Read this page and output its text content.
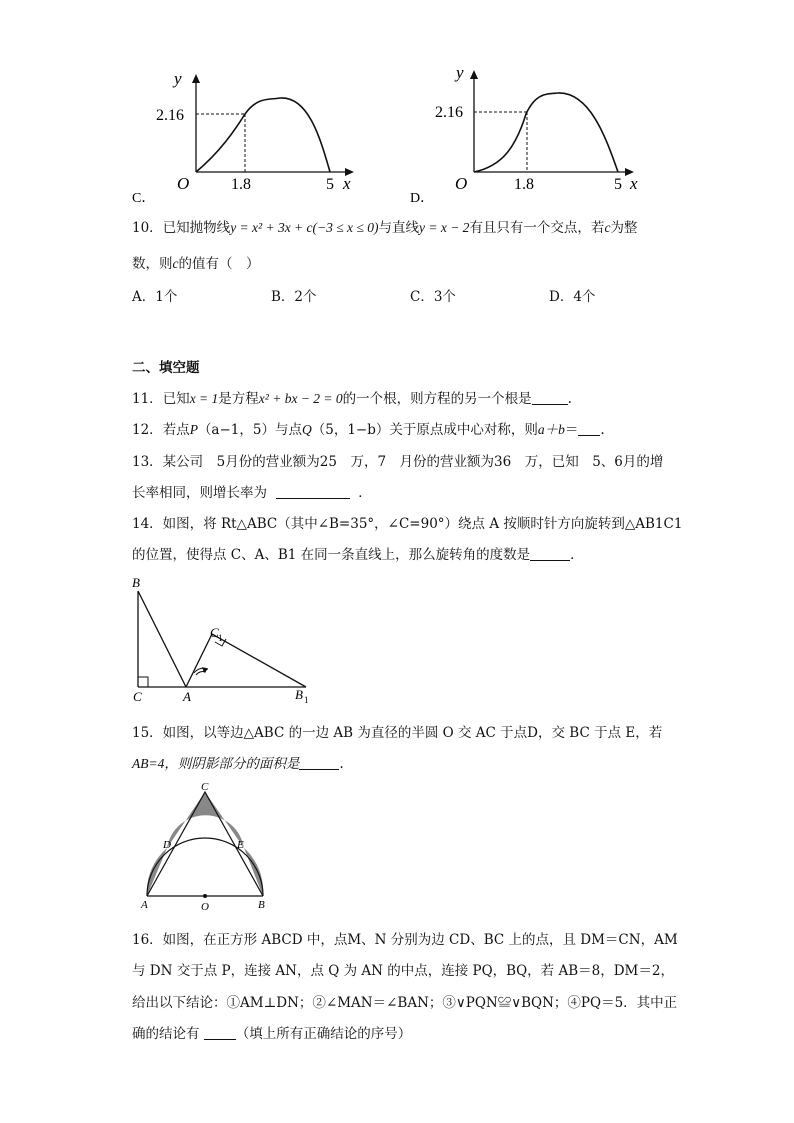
y
2.16
O	1.8	5 x
C．
y
2.16
O	1.8	5 x
D．
10．已知抛物线y = x² + 3x + c(−3 ≤ x ≤ 0)与直线y = x − 2有且只有一个交点，若c为整
数，则c的值有（　）
A．1个	B．2个	C．3个	D．4个
二、填空题
11．已知x = 1是方程x² + bx − 2 = 0的一个根，则方程的另一个根是	.
12．若点P（a−1，5）与点Q（5，1−b）关于原点成中心对称，则a＋b＝ .
13．某公司　5月份的营业额为25　万，7　月份的营业额为36　万，已知　5、6月的增
长率相同，则增长率为	．
14．如图，将 Rt△ABC（其中∠B=35°，∠C=90°）绕点 A 按顺时针方向旋转到△AB1C1
的位置，使得点 C、A、B1 在同一条直线上，那么旋转角的度数是	．
B
C 1
C	A	B 1
15．如图，以等边△ABC 的一边 AB 为直径的半圆 O 交 AC 于点D，交 BC 于点 E，若
AB=4，则阴影部分的面积是	.
C
D	E
A	O	B
16．如图，在正方形 ABCD 中，点M、N 分别为边 CD、BC 上的点，且 DM＝CN，AM
与 DN 交于点 P，连接 AN，点 Q 为 AN 的中点，连接 PQ，BQ，若 AB＝8，DM＝2，
给出以下结论：①AM⊥DN；②∠MAN＝∠BAN；③∨PQN≌∨BQN；④PQ＝5．其中正
确的结论有	（填上所有正确结论的序号）
